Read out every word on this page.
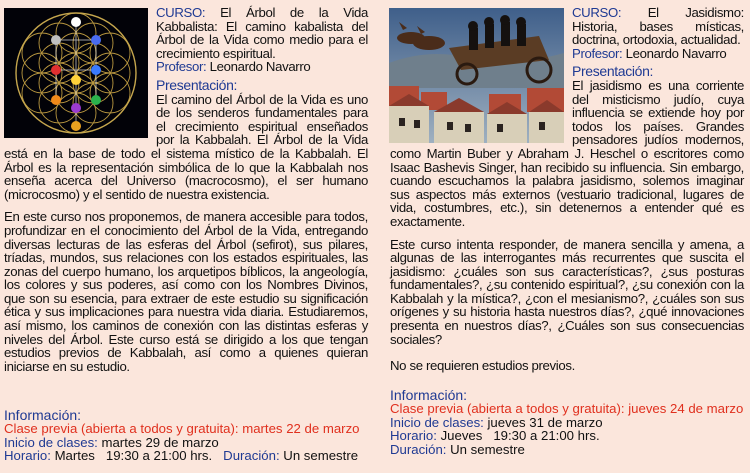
CURSO: El Árbol de la Vida Kabbalista: El camino kabalista del Árbol de la Vida como medio para el crecimiento espiritual.

Profesor: Leonardo Navarro

Presentación:

El camino del Árbol de la Vida es uno de los senderos fundamentales para el crecimiento espiritual enseñados por la Kabbalah. El Árbol de la Vida está en la base de todo el sistema místico de la Kabbalah. El Árbol es la representación simbólica de lo que la Kabbalah nos enseña acerca del Universo (macrocosmo), el ser humano (microcosmo) y el sentido de nuestra existencia.

En este curso nos proponemos, de manera accesible para todos, profundizar en el conocimiento del Árbol de la Vida, entregando diversas lecturas de las esferas del Árbol (sefirot), sus pilares, tríadas, mundos, sus relaciones con los estados espirituales, las zonas del cuerpo humano, los arquetipos bíblicos, la angeología, los colores y sus poderes, así como con los Nombres Divinos, que son su esencia, para extraer de este estudio su significación ética y sus implicaciones para nuestra vida diaria. Estudiaremos, así mismo, los caminos de conexión con las distintas esferas y niveles del Árbol. Este curso está se dirigido a los que tengan estudios previos de Kabbalah, así como a quienes quieran iniciarse en su estudio.

Información:
Clase previa (abierta a todos y gratuita): martes 22 de marzo
Inicio de clases: martes 29 de marzo
Horario: Martes   19:30 a 21:00 hrs.   Duración: Un semestre

CURSO: El Jasidismo: Historia, bases místicas, doctrina, ortodoxia, actualidad.

Profesor: Leonardo Navarro

Presentación:

El jasidismo es una corriente del misticismo judío, cuya influencia se extiende hoy por todos los países. Grandes pensadores judíos modernos, como Martin Buber y Abraham J. Heschel o escritores como Isaac Bashevis Singer, han recibido su influencia. Sin embargo, cuando escuchamos la palabra jasidismo, solemos imaginar sus aspectos más externos (vestuario tradicional, lugares de vida, costumbres, etc.), sin detenernos a entender qué es exactamente.

Este curso intenta responder, de manera sencilla y amena, a algunas de las interrogantes más recurrentes que suscita el jasidismo: ¿cuáles son sus características?, ¿sus posturas fundamentales?, ¿su contenido espiritual?, ¿su conexión con la Kabbalah y la mística?, ¿con el mesianismo?, ¿cuáles son sus orígenes y su historia hasta nuestros días?, ¿qué innovaciones presenta en nuestros días?, ¿Cuáles son sus consecuencias sociales?

No se requieren estudios previos.

Información:
Clase previa (abierta a todos y gratuita): jueves 24 de marzo
Inicio de clases: jueves 31 de marzo
Horario: Jueves   19:30 a 21:00 hrs.
Duración: Un semestre
